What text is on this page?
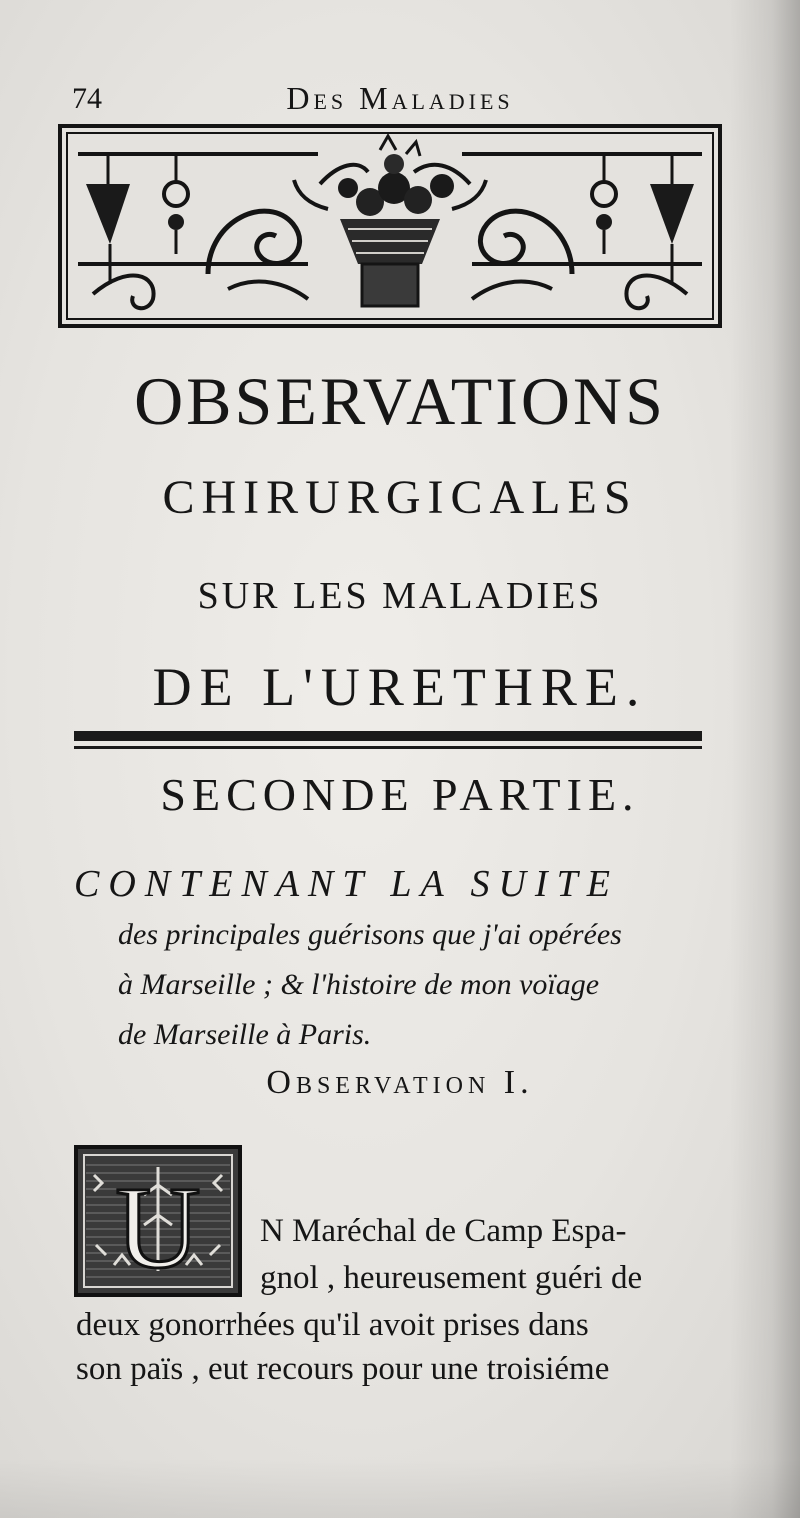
74	Des Maladies
OBSERVATIONS
CHIRURGICALES
SUR LES MALADIES
DE L'URETHRE.
SECONDE PARTIE.
CONTENANT LA SUITE
des principales guérisons que j'ai opérées
à Marseille ; & l'histoire de mon voïage
de Marseille à Paris.
Observation I.
U N Maréchal de Camp Espa-
gnol , heureusement guéri de
deux gonorrhées qu'il avoit prises dans
son païs , eut recours pour une troisiéme
